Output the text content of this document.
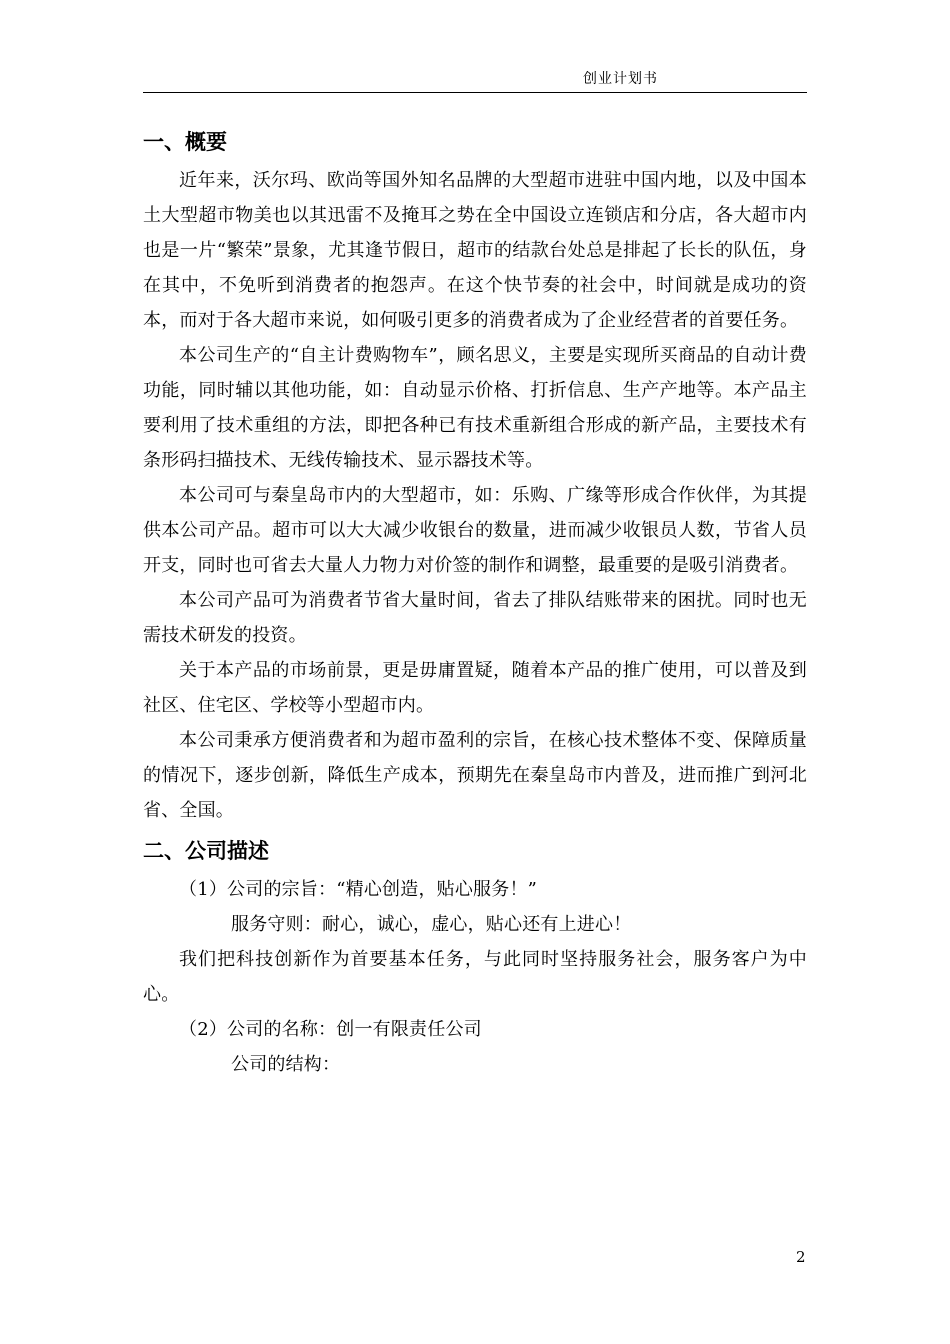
创业计划书
一、概要

近年来，沃尔玛、欧尚等国外知名品牌的大型超市进驻中国内地，以及中国本土大型超市物美也以其迅雷不及掩耳之势在全中国设立连锁店和分店，各大超市内也是一片“繁荣”景象，尤其逢节假日，超市的结款台处总是排起了长长的队伍，身在其中，不免听到消费者的抱怨声。在这个快节奏的社会中，时间就是成功的资本，而对于各大超市来说，如何吸引更多的消费者成为了企业经营者的首要任务。

本公司生产的“自主计费购物车”，顾名思义，主要是实现所买商品的自动计费功能，同时辅以其他功能，如：自动显示价格、打折信息、生产产地等。本产品主要利用了技术重组的方法，即把各种已有技术重新组合形成的新产品，主要技术有条形码扫描技术、无线传输技术、显示器技术等。

本公司可与秦皇岛市内的大型超市，如：乐购、广缘等形成合作伙伴，为其提供本公司产品。超市可以大大减少收银台的数量，进而减少收银员人数，节省人员开支，同时也可省去大量人力物力对价签的制作和调整，最重要的是吸引消费者。

本公司产品可为消费者节省大量时间，省去了排队结账带来的困扰。同时也无需技术研发的投资。

关于本产品的市场前景，更是毋庸置疑，随着本产品的推广使用，可以普及到社区、住宅区、学校等小型超市内。

本公司秉承方便消费者和为超市盈利的宗旨，在核心技术整体不变、保障质量的情况下，逐步创新，降低生产成本，预期先在秦皇岛市内普及，进而推广到河北省、全国。

二、公司描述

（1）公司的宗旨：“精心创造，贴心服务！”

服务守则：耐心，诚心，虚心，贴心还有上进心！

我们把科技创新作为首要基本任务，与此同时坚持服务社会，服务客户为中心。

（2）公司的名称：创一有限责任公司

公司的结构：

2
